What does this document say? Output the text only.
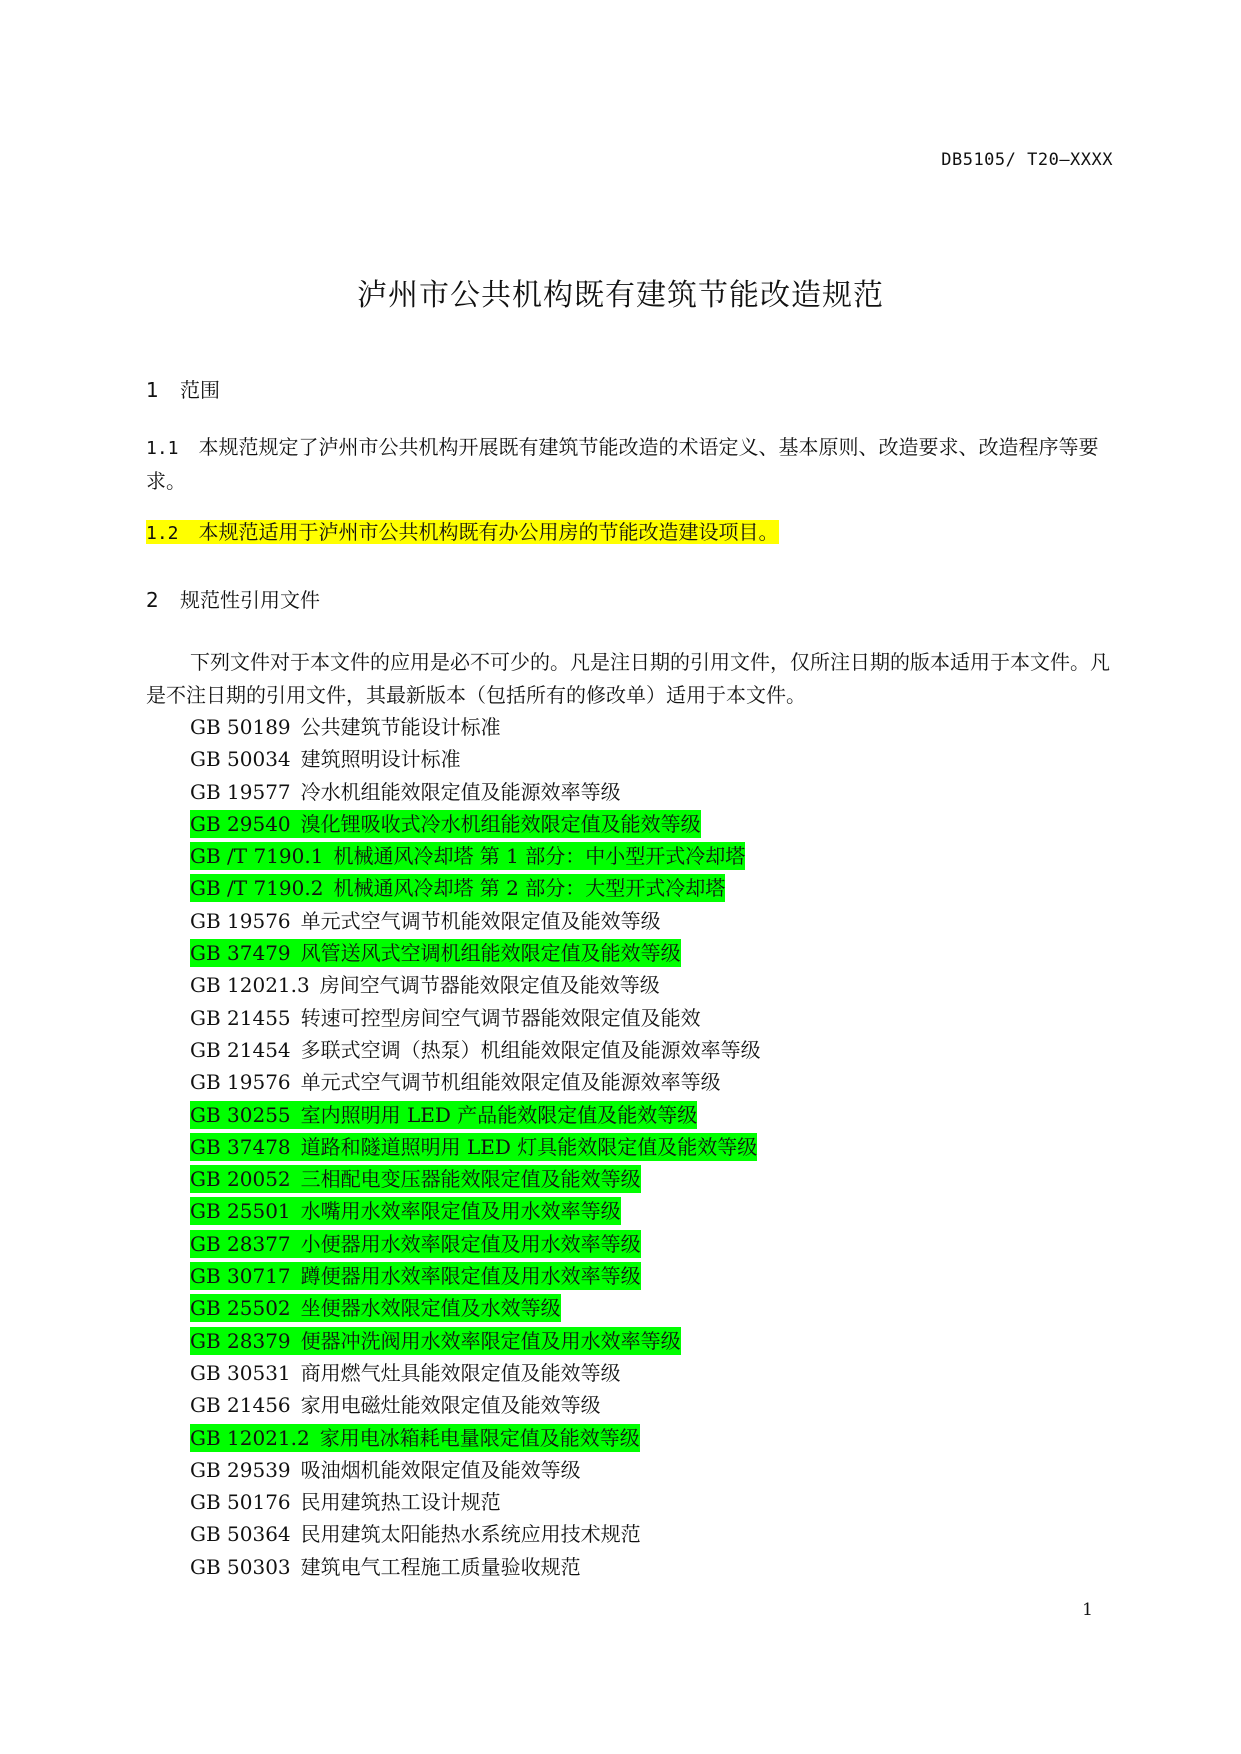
DB5105/ T20—XXXX
泸州市公共机构既有建筑节能改造规范
1 范围
1.1 本规范规定了泸州市公共机构开展既有建筑节能改造的术语定义、基本原则、改造要求、改造程序等要求。
1.2 本规范适用于泸州市公共机构既有办公用房的节能改造建设项目。
2 规范性引用文件
下列文件对于本文件的应用是必不可少的。凡是注日期的引用文件，仅所注日期的版本适用于本文件。凡是不注日期的引用文件，其最新版本（包括所有的修改单）适用于本文件。
GB 50189 公共建筑节能设计标准
GB 50034 建筑照明设计标准
GB 19577 冷水机组能效限定值及能源效率等级
GB 29540 溴化锂吸收式冷水机组能效限定值及能效等级
GB /T 7190.1 机械通风冷却塔 第 1 部分：中小型开式冷却塔
GB /T 7190.2 机械通风冷却塔 第 2 部分：大型开式冷却塔
GB 19576 单元式空气调节机能效限定值及能效等级
GB 37479 风管送风式空调机组能效限定值及能效等级
GB 12021.3 房间空气调节器能效限定值及能效等级
GB 21455 转速可控型房间空气调节器能效限定值及能效
GB 21454 多联式空调（热泵）机组能效限定值及能源效率等级
GB 19576 单元式空气调节机组能效限定值及能源效率等级
GB 30255 室内照明用 LED 产品能效限定值及能效等级
GB 37478 道路和隧道照明用 LED 灯具能效限定值及能效等级
GB 20052 三相配电变压器能效限定值及能效等级
GB 25501 水嘴用水效率限定值及用水效率等级
GB 28377 小便器用水效率限定值及用水效率等级
GB 30717 蹲便器用水效率限定值及用水效率等级
GB 25502 坐便器水效限定值及水效等级
GB 28379 便器冲洗阀用水效率限定值及用水效率等级
GB 30531 商用燃气灶具能效限定值及能效等级
GB 21456 家用电磁灶能效限定值及能效等级
GB 12021.2 家用电冰箱耗电量限定值及能效等级
GB 29539 吸油烟机能效限定值及能效等级
GB 50176 民用建筑热工设计规范
GB 50364 民用建筑太阳能热水系统应用技术规范
GB 50303 建筑电气工程施工质量验收规范
1
